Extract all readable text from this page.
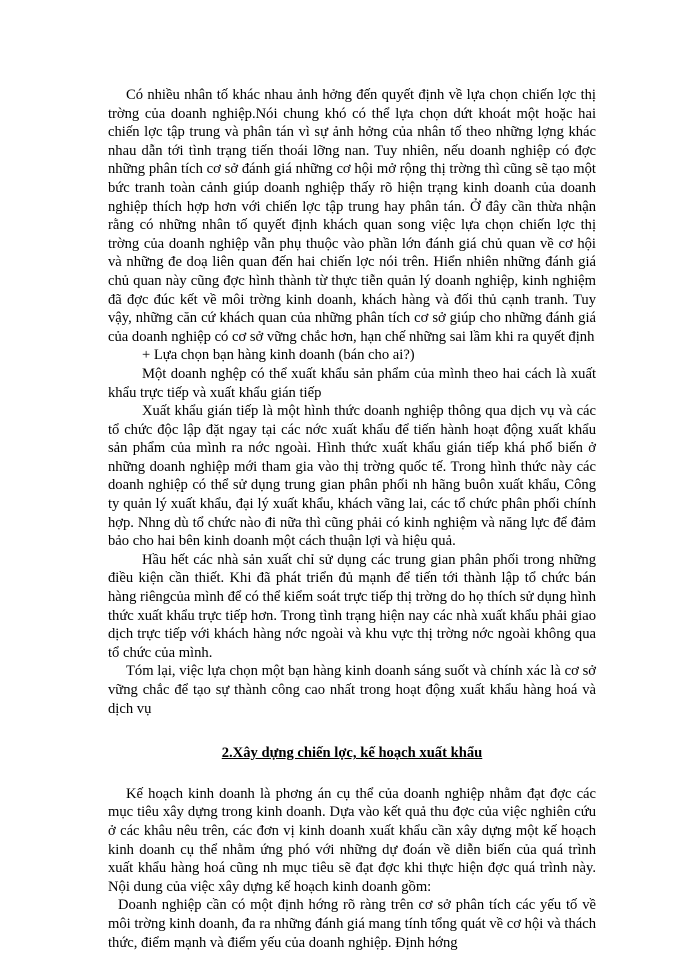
Có nhiều nhân tố khác nhau ảnh hởng đến quyết định về lựa chọn chiến lợc thị trờng của doanh nghiệp.Nói chung khó có thể lựa chọn dứt khoát một hoặc hai chiến lợc tập trung và phân tán vì sự ảnh hởng của nhân tố theo những lợng khác nhau dẫn tới tình trạng tiến thoái lỡng nan. Tuy nhiên, nếu doanh nghiệp có đợc những phân tích cơ sở đánh giá những cơ hội mở rộng thị trờng thì cũng sẽ tạo một bức tranh toàn cảnh giúp doanh nghiệp thấy rõ hiện trạng kinh doanh của doanh nghiệp thích hợp hơn với chiến lợc tập trung hay phân tán. Ở đây cần thừa nhận rằng có những nhân tố quyết định khách quan song việc lựa chọn chiến lợc thị trờng của doanh nghiệp vẫn phụ thuộc vào phần lớn đánh giá chủ quan về cơ hội và những đe doạ liên quan đến hai chiến lợc nói trên. Hiển nhiên những đánh giá chủ quan này cũng đợc hình thành từ thực tiễn quản lý doanh nghiệp, kinh nghiệm đã đợc đúc kết về môi trờng kinh doanh, khách hàng và đối thủ cạnh tranh. Tuy vậy, những căn cứ khách quan của những phân tích cơ sở giúp cho những đánh giá của doanh nghiệp có cơ sở vững chắc hơn, hạn chế những sai lầm khi ra quyết định

+ Lựa chọn bạn hàng kinh doanh (bán cho ai?)

Một doanh nghệp có thể xuất khẩu sản phẩm của mình theo hai cách là xuất khẩu trực tiếp và xuất khẩu gián tiếp

Xuất khẩu gián tiếp là một hình thức doanh nghiệp thông qua dịch vụ và các tổ chức độc lập đặt ngay tại các nớc xuất khẩu để tiến hành hoạt động xuất khẩu sản phẩm của mình ra nớc ngoài. Hình thức xuất khẩu gián tiếp khá phổ biến ở những doanh nghiệp mới tham gia vào thị trờng quốc tế. Trong hình thức này các doanh nghiệp có thể sử dụng trung gian phân phối nh hãng buôn xuất khẩu, Công ty quản lý xuất khẩu, đại lý xuất khẩu, khách vãng lai, các tổ chức phân phối chính hợp. Nhng dù tổ chức nào đi nữa thì cũng phải có kinh nghiệm và năng lực để đảm bảo cho hai bên kinh doanh một cách thuận lợi và hiệu quả.

Hầu hết các nhà sản xuất chỉ sử dụng các trung gian phân phối trong những điều kiện cần thiết. Khi đã phát triển đủ mạnh để tiến tới thành lập tổ chức bán hàng riêngcủa mình để có thể kiểm soát trực tiếp thị trờng do họ thích sử dụng hình thức xuất khẩu trực tiếp hơn. Trong tình trạng hiện nay các nhà xuất khẩu phải giao dịch trực tiếp với khách hàng nớc ngoài và khu vực thị trờng nớc ngoài không qua tổ chức của mình.

Tóm lại, việc lựa chọn một bạn hàng kinh doanh sáng suốt và chính xác là cơ sở vững chắc để tạo sự thành công cao nhất trong hoạt động xuất khẩu hàng hoá và dịch vụ

2.Xây dựng chiến lợc, kế hoạch xuất khẩu

Kế hoạch kinh doanh là phơng án cụ thể của doanh nghiệp nhằm đạt đợc các mục tiêu xây dựng trong kinh doanh. Dựa vào kết quả thu đợc của việc nghiên cứu ở các khâu nêu trên, các đơn vị kinh doanh xuất khẩu cần xây dựng một kế hoạch kinh doanh cụ thể nhằm ứng phó với những dự đoán về diễn biến của quá trình xuất khẩu hàng hoá cũng nh mục tiêu sẽ đạt đợc khi thực hiện đợc quá trình này. Nội dung của việc xây dựng kế hoạch kinh doanh gồm:

Doanh nghiệp cần có một định hớng rõ ràng trên cơ sở phân tích các yếu tố về môi trờng kinh doanh, đa ra những đánh giá mang tính tổng quát về cơ hội và thách thức, điểm mạnh và điểm yếu của doanh nghiệp. Định hớng
